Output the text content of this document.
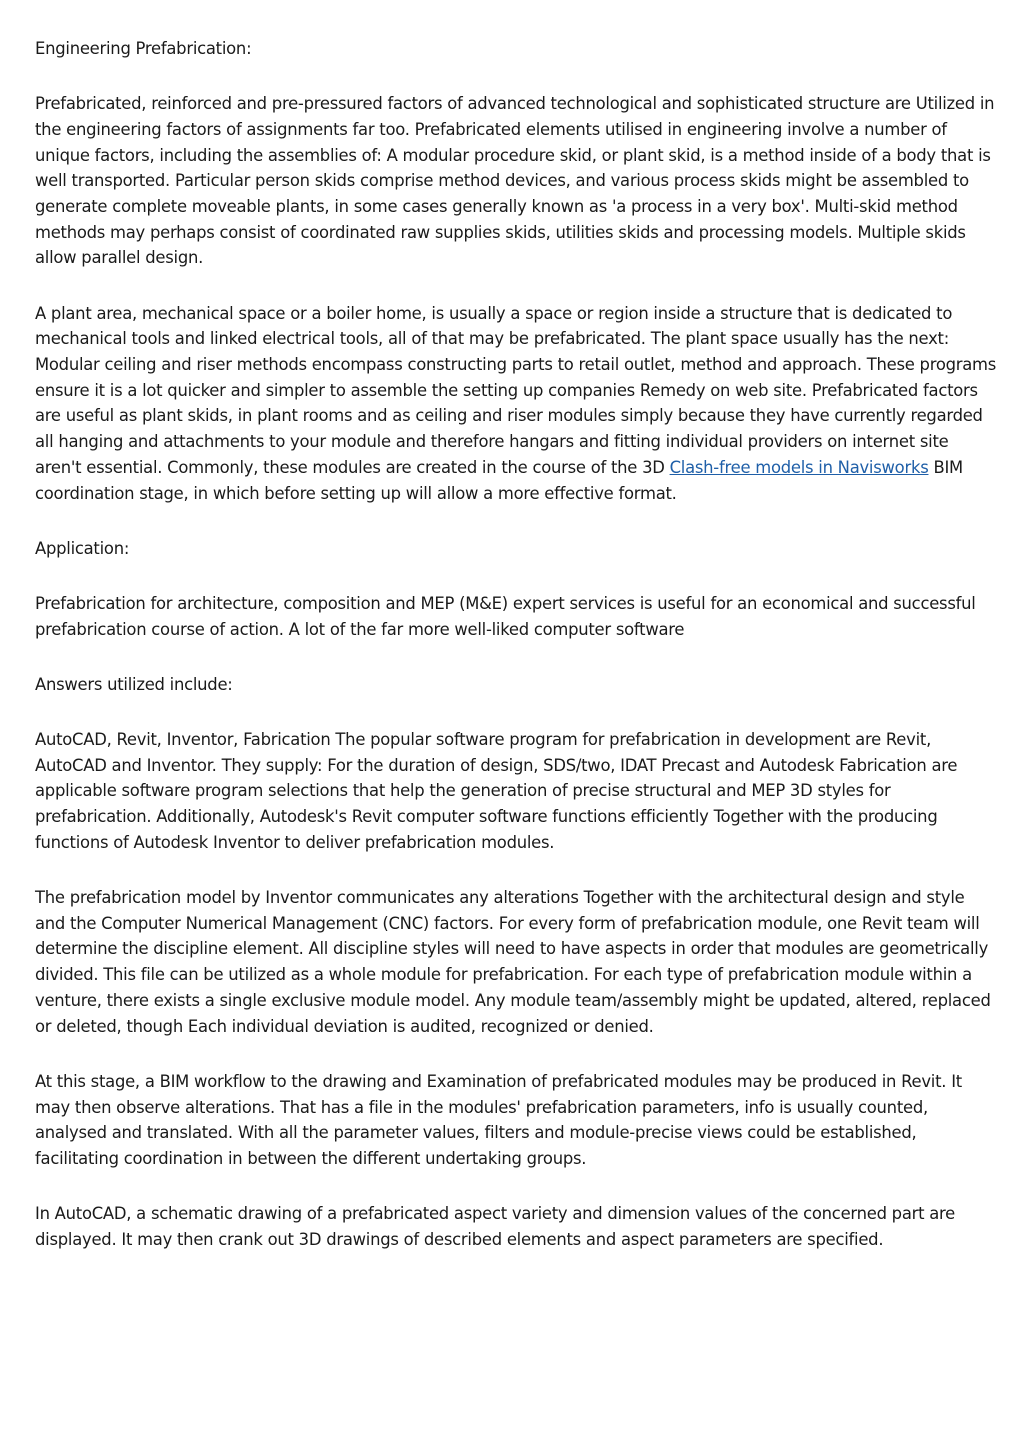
Engineering Prefabrication:

Prefabricated, reinforced and pre-pressured factors of advanced technological and sophisticated structure are Utilized in the engineering factors of assignments far too. Prefabricated elements utilised in engineering involve a number of unique factors, including the assemblies of: A modular procedure skid, or plant skid, is a method inside of a body that is well transported. Particular person skids comprise method devices, and various process skids might be assembled to generate complete moveable plants, in some cases generally known as 'a process in a very box'. Multi-skid method methods may perhaps consist of coordinated raw supplies skids, utilities skids and processing models. Multiple skids allow parallel design.

A plant area, mechanical space or a boiler home, is usually a space or region inside a structure that is dedicated to mechanical tools and linked electrical tools, all of that may be prefabricated. The plant space usually has the next: Modular ceiling and riser methods encompass constructing parts to retail outlet, method and approach. These programs ensure it is a lot quicker and simpler to assemble the setting up companies Remedy on web site. Prefabricated factors are useful as plant skids, in plant rooms and as ceiling and riser modules simply because they have currently regarded all hanging and attachments to your module and therefore hangars and fitting individual providers on internet site aren't essential. Commonly, these modules are created in the course of the 3D Clash-free models in Navisworks BIM coordination stage, in which before setting up will allow a more effective format.

Application:

Prefabrication for architecture, composition and MEP (M&E) expert services is useful for an economical and successful prefabrication course of action. A lot of the far more well-liked computer software

Answers utilized include:

AutoCAD, Revit, Inventor, Fabrication The popular software program for prefabrication in development are Revit, AutoCAD and Inventor. They supply: For the duration of design, SDS/two, IDAT Precast and Autodesk Fabrication are applicable software program selections that help the generation of precise structural and MEP 3D styles for prefabrication. Additionally, Autodesk's Revit computer software functions efficiently Together with the producing functions of Autodesk Inventor to deliver prefabrication modules.

The prefabrication model by Inventor communicates any alterations Together with the architectural design and style and the Computer Numerical Management (CNC) factors. For every form of prefabrication module, one Revit team will determine the discipline element. All discipline styles will need to have aspects in order that modules are geometrically divided. This file can be utilized as a whole module for prefabrication. For each type of prefabrication module within a venture, there exists a single exclusive module model. Any module team/assembly might be updated, altered, replaced or deleted, though Each individual deviation is audited, recognized or denied.

At this stage, a BIM workflow to the drawing and Examination of prefabricated modules may be produced in Revit. It may then observe alterations. That has a file in the modules' prefabrication parameters, info is usually counted, analysed and translated. With all the parameter values, filters and module-precise views could be established, facilitating coordination in between the different undertaking groups.

In AutoCAD, a schematic drawing of a prefabricated aspect variety and dimension values of the concerned part are displayed. It may then crank out 3D drawings of described elements and aspect parameters are specified.
